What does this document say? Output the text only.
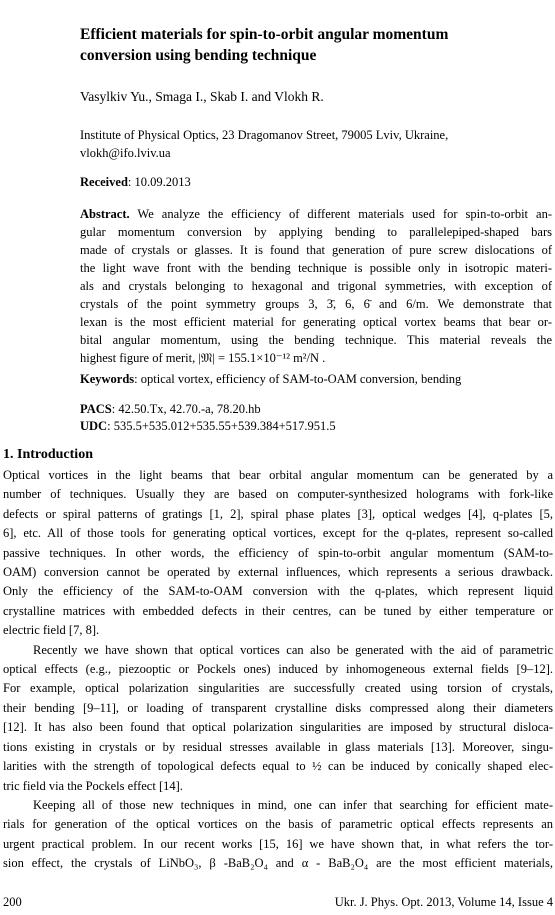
Efficient materials for spin-to-orbit angular momentum conversion using bending technique
Vasylkiv Yu., Smaga I., Skab I. and Vlokh R.
Institute of Physical Optics, 23 Dragomanov Street, 79005 Lviv, Ukraine,
vlokh@ifo.lviv.ua
Received: 10.09.2013
Abstract. We analyze the efficiency of different materials used for spin-to-orbit an-
gular momentum conversion by applying bending to parallelepiped-shaped bars
made of crystals or glasses. It is found that generation of pure screw dislocations of
the light wave front with the bending technique is possible only in isotropic materi-
als and crystals belonging to hexagonal and trigonal symmetries, with exception of
crystals of the point symmetry groups 3, 3̄, 6, 6̄ and 6/m. We demonstrate that
lexan is the most efficient material for generating optical vortex beams that bear or-
bital angular momentum, using the bending technique. This material reveals the
highest figure of merit, |𝔐| = 155.1×10⁻¹² m²/N .
Keywords: optical vortex, efficiency of SAM-to-OAM conversion, bending
PACS: 42.50.Tx, 42.70.-a, 78.20.hb
UDC: 535.5+535.012+535.55+539.384+517.951.5
1. Introduction

Optical vortices in the light beams that bear orbital angular momentum can be generated by a

number of techniques. Usually they are based on computer-synthesized holograms with fork-like

defects or spiral patterns of gratings [1, 2], spiral phase plates [3], optical wedges [4], q-plates [5,

6], etc. All of those tools for generating optical vortices, except for the q-plates, represent so-called

passive techniques. In other words, the efficiency of spin-to-orbit angular momentum (SAM-to-

OAM) conversion cannot be operated by external influences, which represents a serious drawback.

Only the efficiency of the SAM-to-OAM conversion with the q-plates, which represent liquid

crystalline matrices with embedded defects in their centres, can be tuned by either temperature or

electric field [7, 8].

Recently we have shown that optical vortices can also be generated with the aid of parametric

optical effects (e.g., piezooptic or Pockels ones) induced by inhomogeneous external fields [9–12].

For example, optical polarization singularities are successfully created using torsion of crystals,

their bending [9–11], or loading of transparent crystalline disks compressed along their diameters

[12]. It has also been found that optical polarization singularities are imposed by structural disloca-

tions existing in crystals or by residual stresses available in glass materials [13]. Moreover, singu-

larities with the strength of topological defects equal to ½ can be induced by conically shaped elec-

tric field via the Pockels effect [14].

Keeping all of those new techniques in mind, one can infer that searching for efficient mate-

rials for generation of the optical vortices on the basis of parametric optical effects represents an

urgent practical problem. In our recent works [15, 16] we have shown that, in what refers the tor-

sion effect, the crystals of LiNbO₃, β -BaB₂O₄ and α - BaB₂O₄ are the most efficient materials,

200	Ukr. J. Phys. Opt. 2013, Volume 14, Issue 4
